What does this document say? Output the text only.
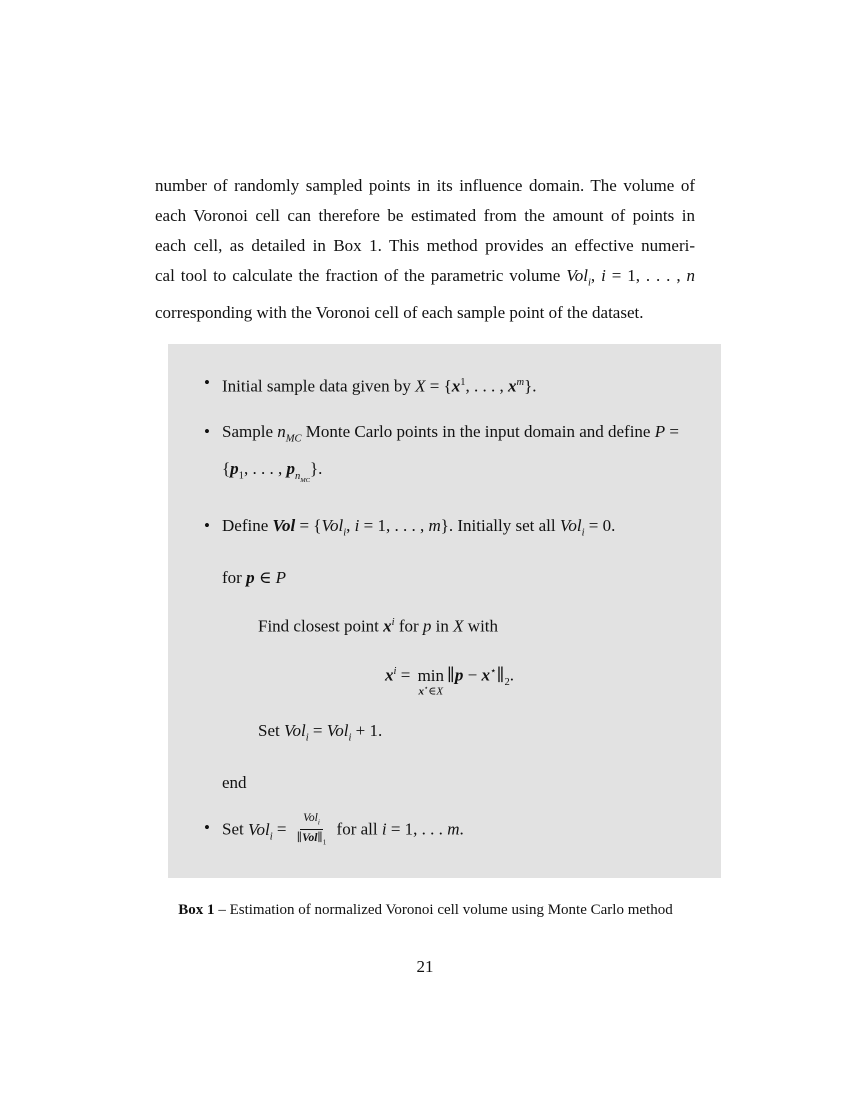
number of randomly sampled points in its influence domain. The volume of
each Voronoi cell can therefore be estimated from the amount of points in
each cell, as detailed in Box 1. This method provides an effective numeri-
cal tool to calculate the fraction of the parametric volume Vol$_i$, i = 1, . . . , n
corresponding with the Voronoi cell of each sample point of the dataset.
• Initial sample data given by $X = \{x^1$, . . . , $x^m$}.
• Sample $n_{MC}$ Monte Carlo points in the input domain and define $P = \{p_1$, . . . , $p_{n_{MC}}$}.
• Define Vol = {Vol$_i$, i = 1, . . . , m}. Initially set all Vol$_i$ = 0.
for p ∈ P
Find closest point $x^i$ for p in X with
$x^i = \min$
x⋆∈X
∥p − $x^⋆\parallel_2$.
Set Vol$_i$ = Vol$_i$ + 1.
end
• Set $Vol_i = \frac{Vol_i}{\parallel Vol\parallel_1}$ for all i = 1, . . . m.
Box 1 – Estimation of normalized Voronoi cell volume using Monte Carlo method
21
